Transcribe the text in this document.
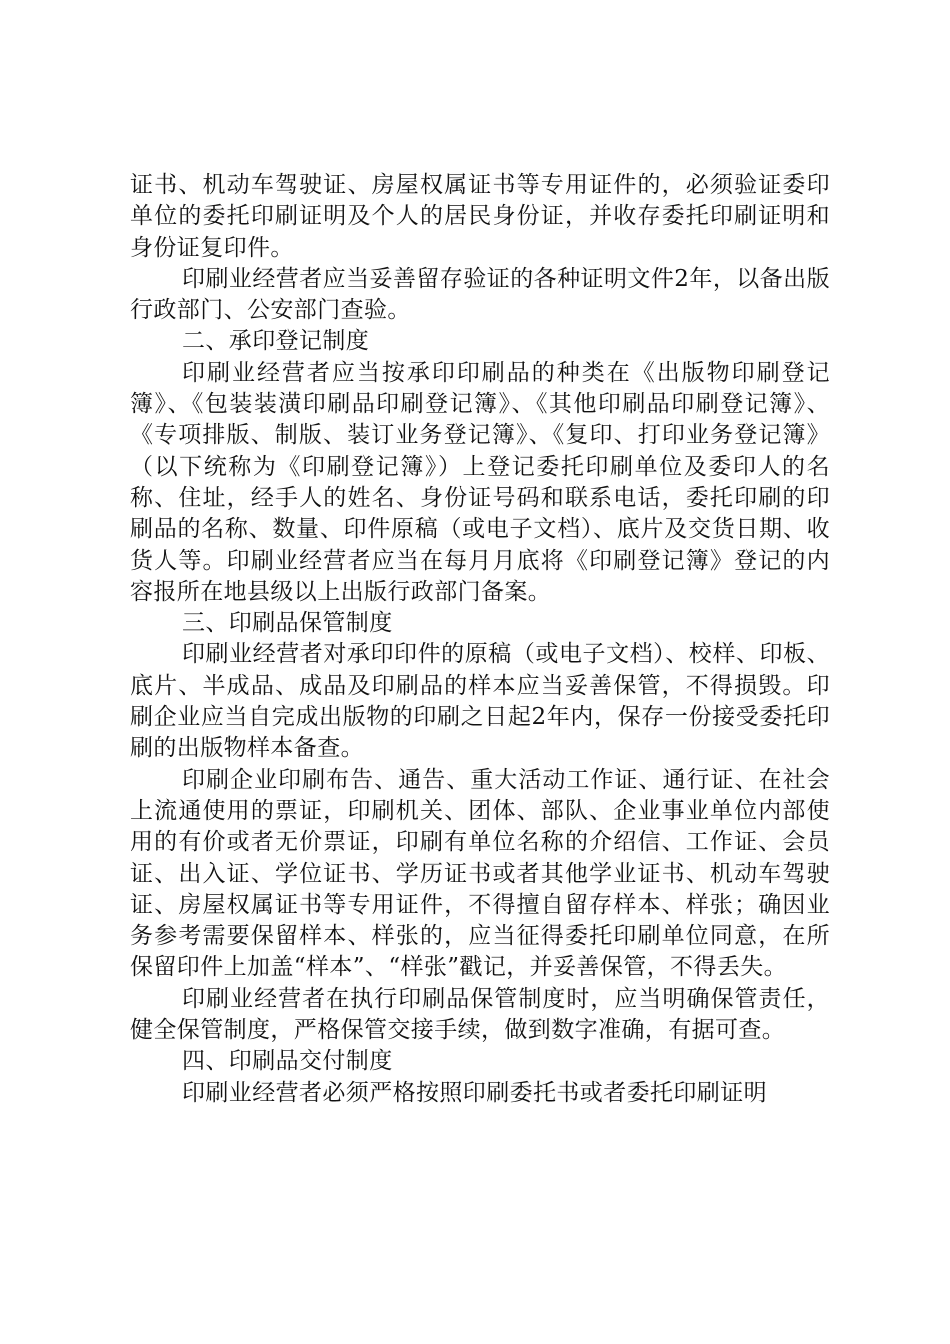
证书、机动车驾驶证、房屋权属证书等专用证件的，必须验证委印单位的委托印刷证明及个人的居民身份证，并收存委托印刷证明和身份证复印件。

印刷业经营者应当妥善留存验证的各种证明文件2年，以备出版行政部门、公安部门查验。

二、承印登记制度

印刷业经营者应当按承印印刷品的种类在《出版物印刷登记簿》、《包装装潢印刷品印刷登记簿》、《其他印刷品印刷登记簿》、《专项排版、制版、装订业务登记簿》、《复印、打印业务登记簿》（以下统称为《印刷登记簿》）上登记委托印刷单位及委印人的名称、住址，经手人的姓名、身份证号码和联系电话，委托印刷的印刷品的名称、数量、印件原稿（或电子文档）、底片及交货日期、收货人等。印刷业经营者应当在每月月底将《印刷登记簿》登记的内容报所在地县级以上出版行政部门备案。

三、印刷品保管制度

印刷业经营者对承印印件的原稿（或电子文档）、校样、印板、底片、半成品、成品及印刷品的样本应当妥善保管，不得损毁。印刷企业应当自完成出版物的印刷之日起2年内，保存一份接受委托印刷的出版物样本备查。

印刷企业印刷布告、通告、重大活动工作证、通行证、在社会上流通使用的票证，印刷机关、团体、部队、企业事业单位内部使用的有价或者无价票证，印刷有单位名称的介绍信、工作证、会员证、出入证、学位证书、学历证书或者其他学业证书、机动车驾驶证、房屋权属证书等专用证件，不得擅自留存样本、样张；确因业务参考需要保留样本、样张的，应当征得委托印刷单位同意，在所保留印件上加盖“样本”、“样张”戳记，并妥善保管，不得丢失。

印刷业经营者在执行印刷品保管制度时，应当明确保管责任，健全保管制度，严格保管交接手续，做到数字准确，有据可查。

四、印刷品交付制度

印刷业经营者必须严格按照印刷委托书或者委托印刷证明
